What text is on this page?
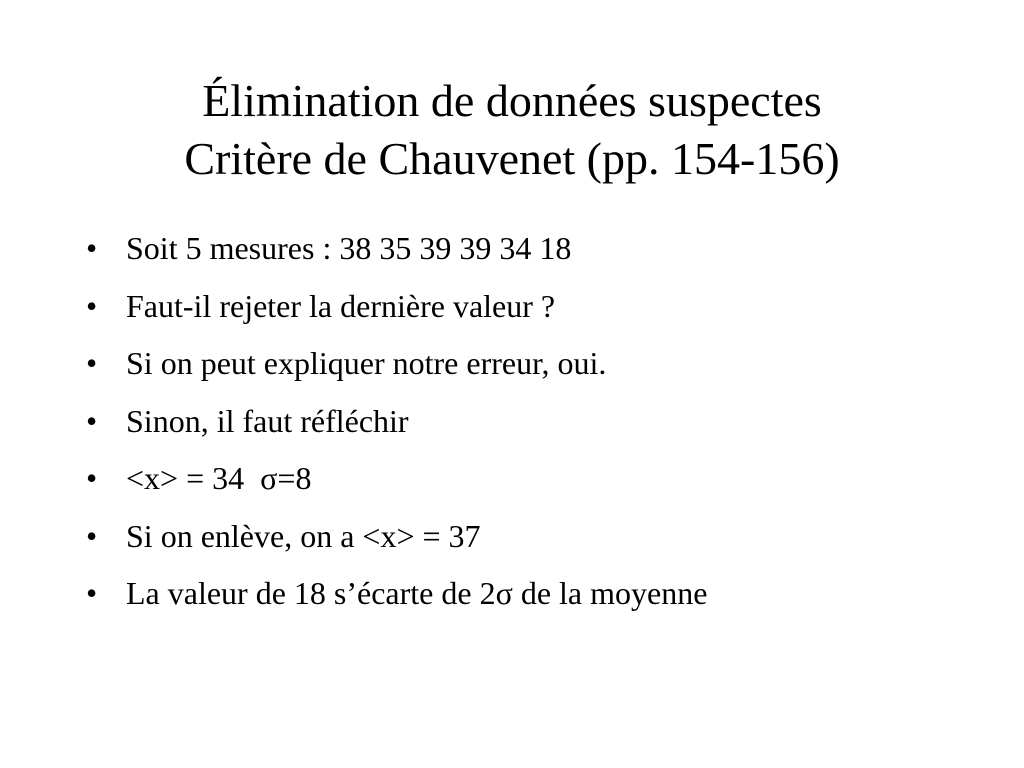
Élimination de données suspectes
Critère de Chauvenet (pp. 154-156)
• Soit 5 mesures : 38 35 39 39 34 18
• Faut-il rejeter la dernière valeur ?
• Si on peut expliquer notre erreur, oui.
• Sinon, il faut réfléchir
• <x> = 34  σ=8
• Si on enlève, on a <x> = 37
• La valeur de 18 s’écarte de 2σ de la moyenne
